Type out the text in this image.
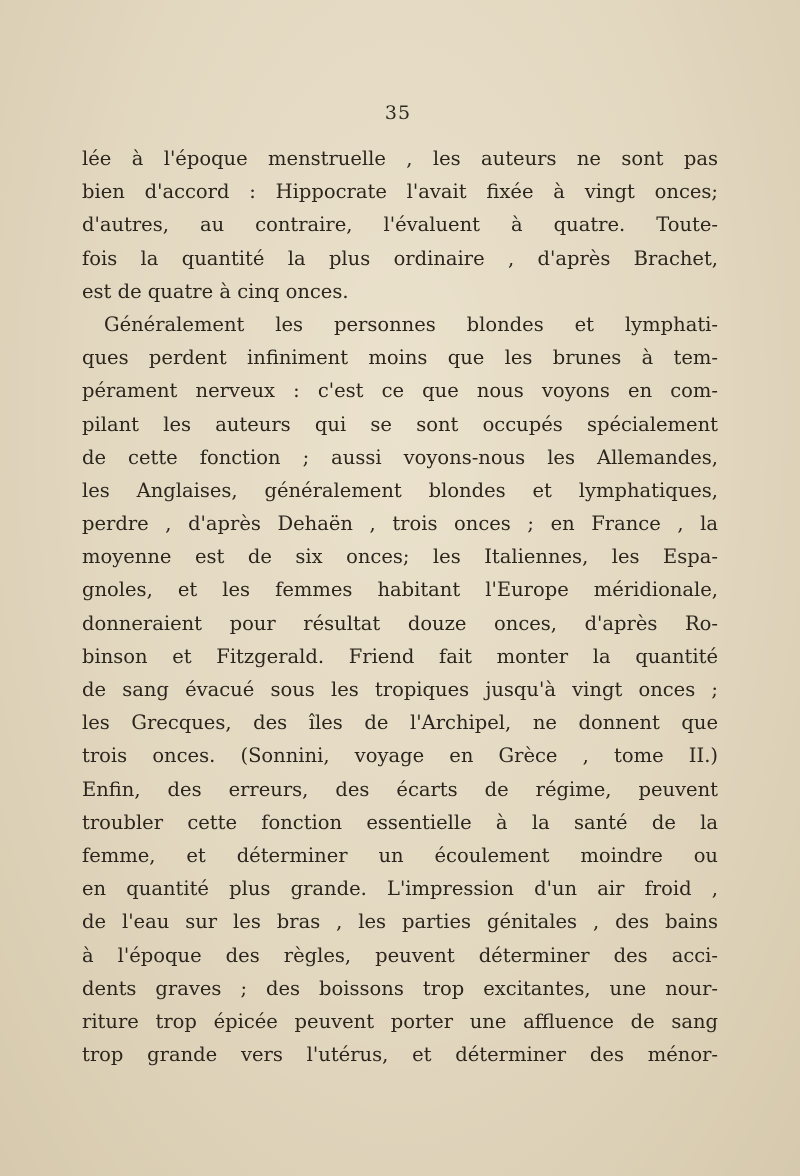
35
lée à l'époque menstruelle , les auteurs ne sont pas
bien d'accord : Hippocrate l'avait fixée à vingt onces;
d'autres, au contraire, l'évaluent à quatre. Toute-
fois la quantité la plus ordinaire , d'après Brachet,
est de quatre à cinq onces.
Généralement les personnes blondes et lymphati-
ques perdent infiniment moins que les brunes à tem-
pérament nerveux : c'est ce que nous voyons en com-
pilant les auteurs qui se sont occupés spécialement
de cette fonction ; aussi voyons-nous les Allemandes,
les Anglaises, généralement blondes et lymphatiques,
perdre , d'après Dehaën , trois onces ; en France , la
moyenne est de six onces; les Italiennes, les Espa-
gnoles, et les femmes habitant l'Europe méridionale,
donneraient pour résultat douze onces, d'après Ro-
binson et Fitzgerald. Friend fait monter la quantité
de sang évacué sous les tropiques jusqu'à vingt onces ;
les Grecques, des îles de l'Archipel, ne donnent que
trois onces. (Sonnini, voyage en Grèce , tome II.)
Enfin, des erreurs, des écarts de régime, peuvent
troubler cette fonction essentielle à la santé de la
femme, et déterminer un écoulement moindre ou
en quantité plus grande. L'impression d'un air froid ,
de l'eau sur les bras , les parties génitales , des bains
à l'époque des règles, peuvent déterminer des acci-
dents graves ; des boissons trop excitantes, une nour-
riture trop épicée peuvent porter une affluence de sang
trop grande vers l'utérus, et déterminer des ménor-
